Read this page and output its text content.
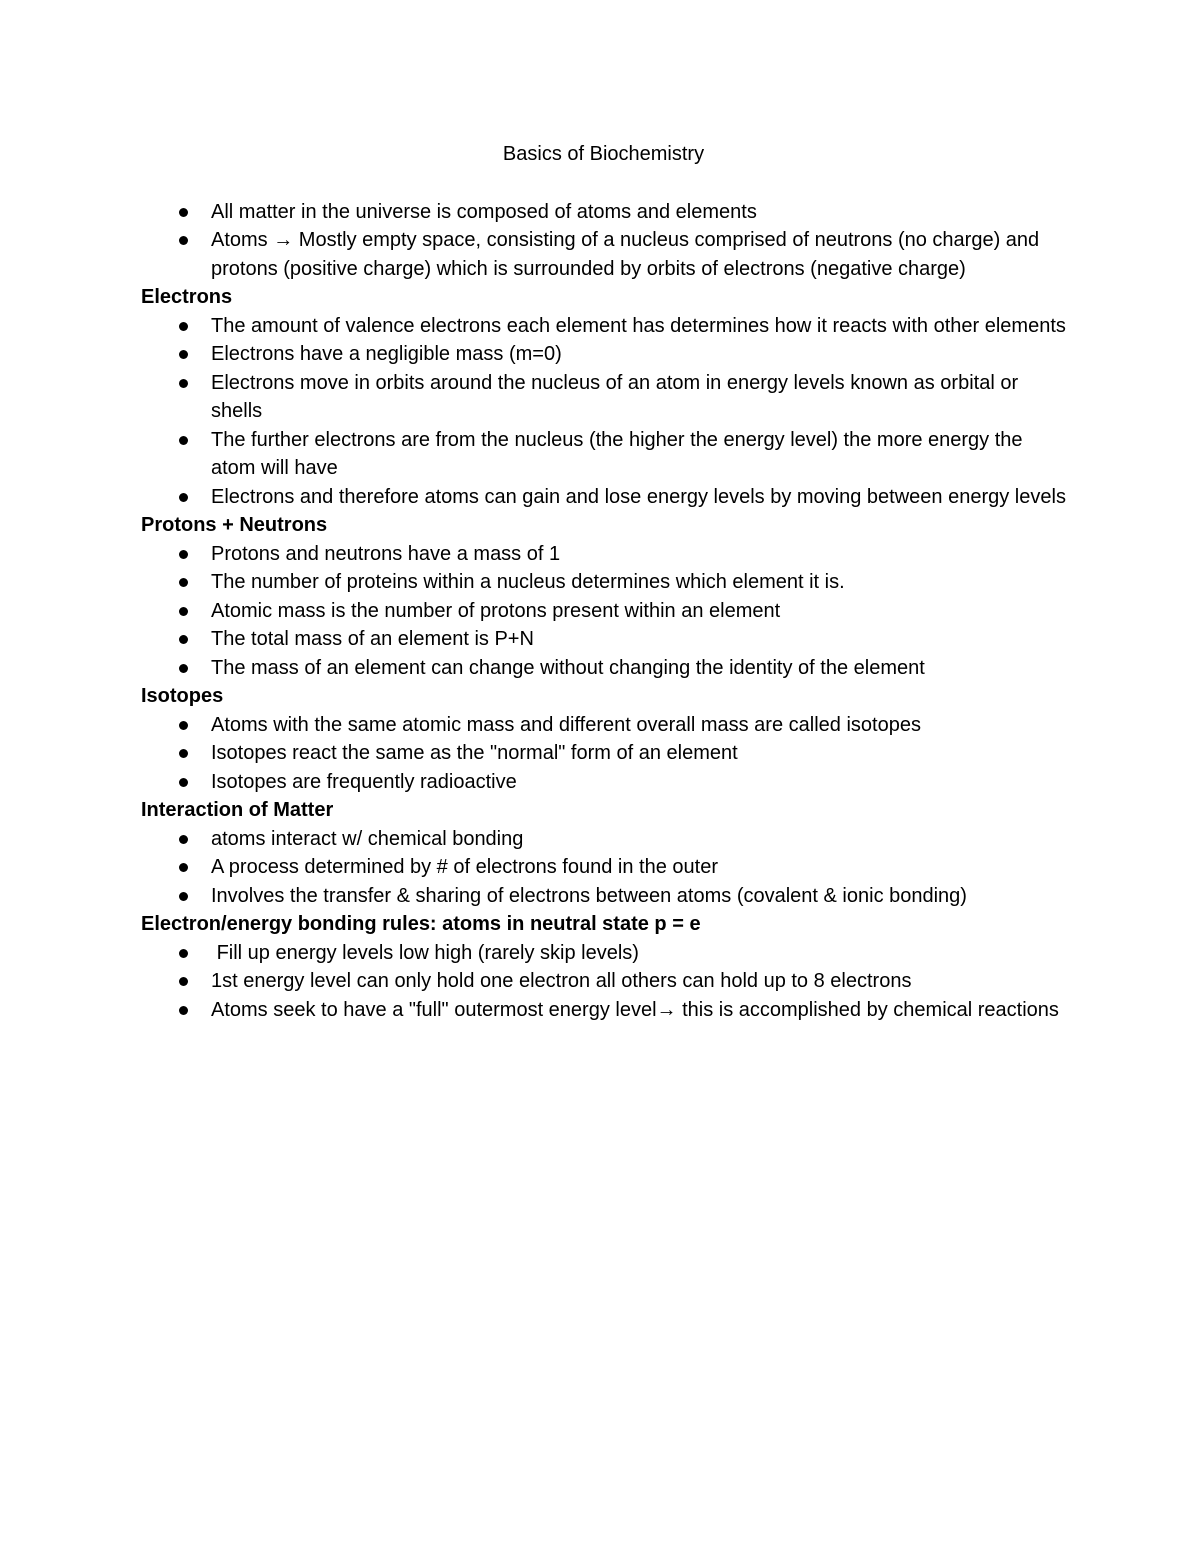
Basics of Biochemistry
All matter in the universe is composed of atoms and elements
Atoms → Mostly empty space, consisting of a nucleus comprised of neutrons (no charge) and protons (positive charge) which is surrounded by orbits of electrons (negative charge)
Electrons
The amount of valence electrons each element has determines how it reacts with other elements
Electrons have a negligible mass (m=0)
Electrons move in orbits around the nucleus of an atom in energy levels known as orbital or shells
The further electrons are from the nucleus (the higher the energy level) the more energy the atom will have
Electrons and therefore atoms can gain and lose energy levels by moving between energy levels
Protons + Neutrons
Protons and neutrons have a mass of 1
The number of proteins within a nucleus determines which element it is.
Atomic mass is the number of protons present within an element
The total mass of an element is P+N
The mass of an element can change without changing the identity of the element
Isotopes
Atoms with the same atomic mass and different overall mass are called isotopes
Isotopes react the same as the "normal" form of an element
Isotopes are frequently radioactive
Interaction of Matter
atoms interact w/ chemical bonding
A process determined by # of electrons found in the outer
Involves the transfer & sharing of electrons between atoms (covalent & ionic bonding)
Electron/energy bonding rules: atoms in neutral state p = e
Fill up energy levels low high (rarely skip levels)
1st energy level can only hold one electron all others can hold up to 8 electrons
Atoms seek to have a "full" outermost energy level→ this is accomplished by chemical reactions
